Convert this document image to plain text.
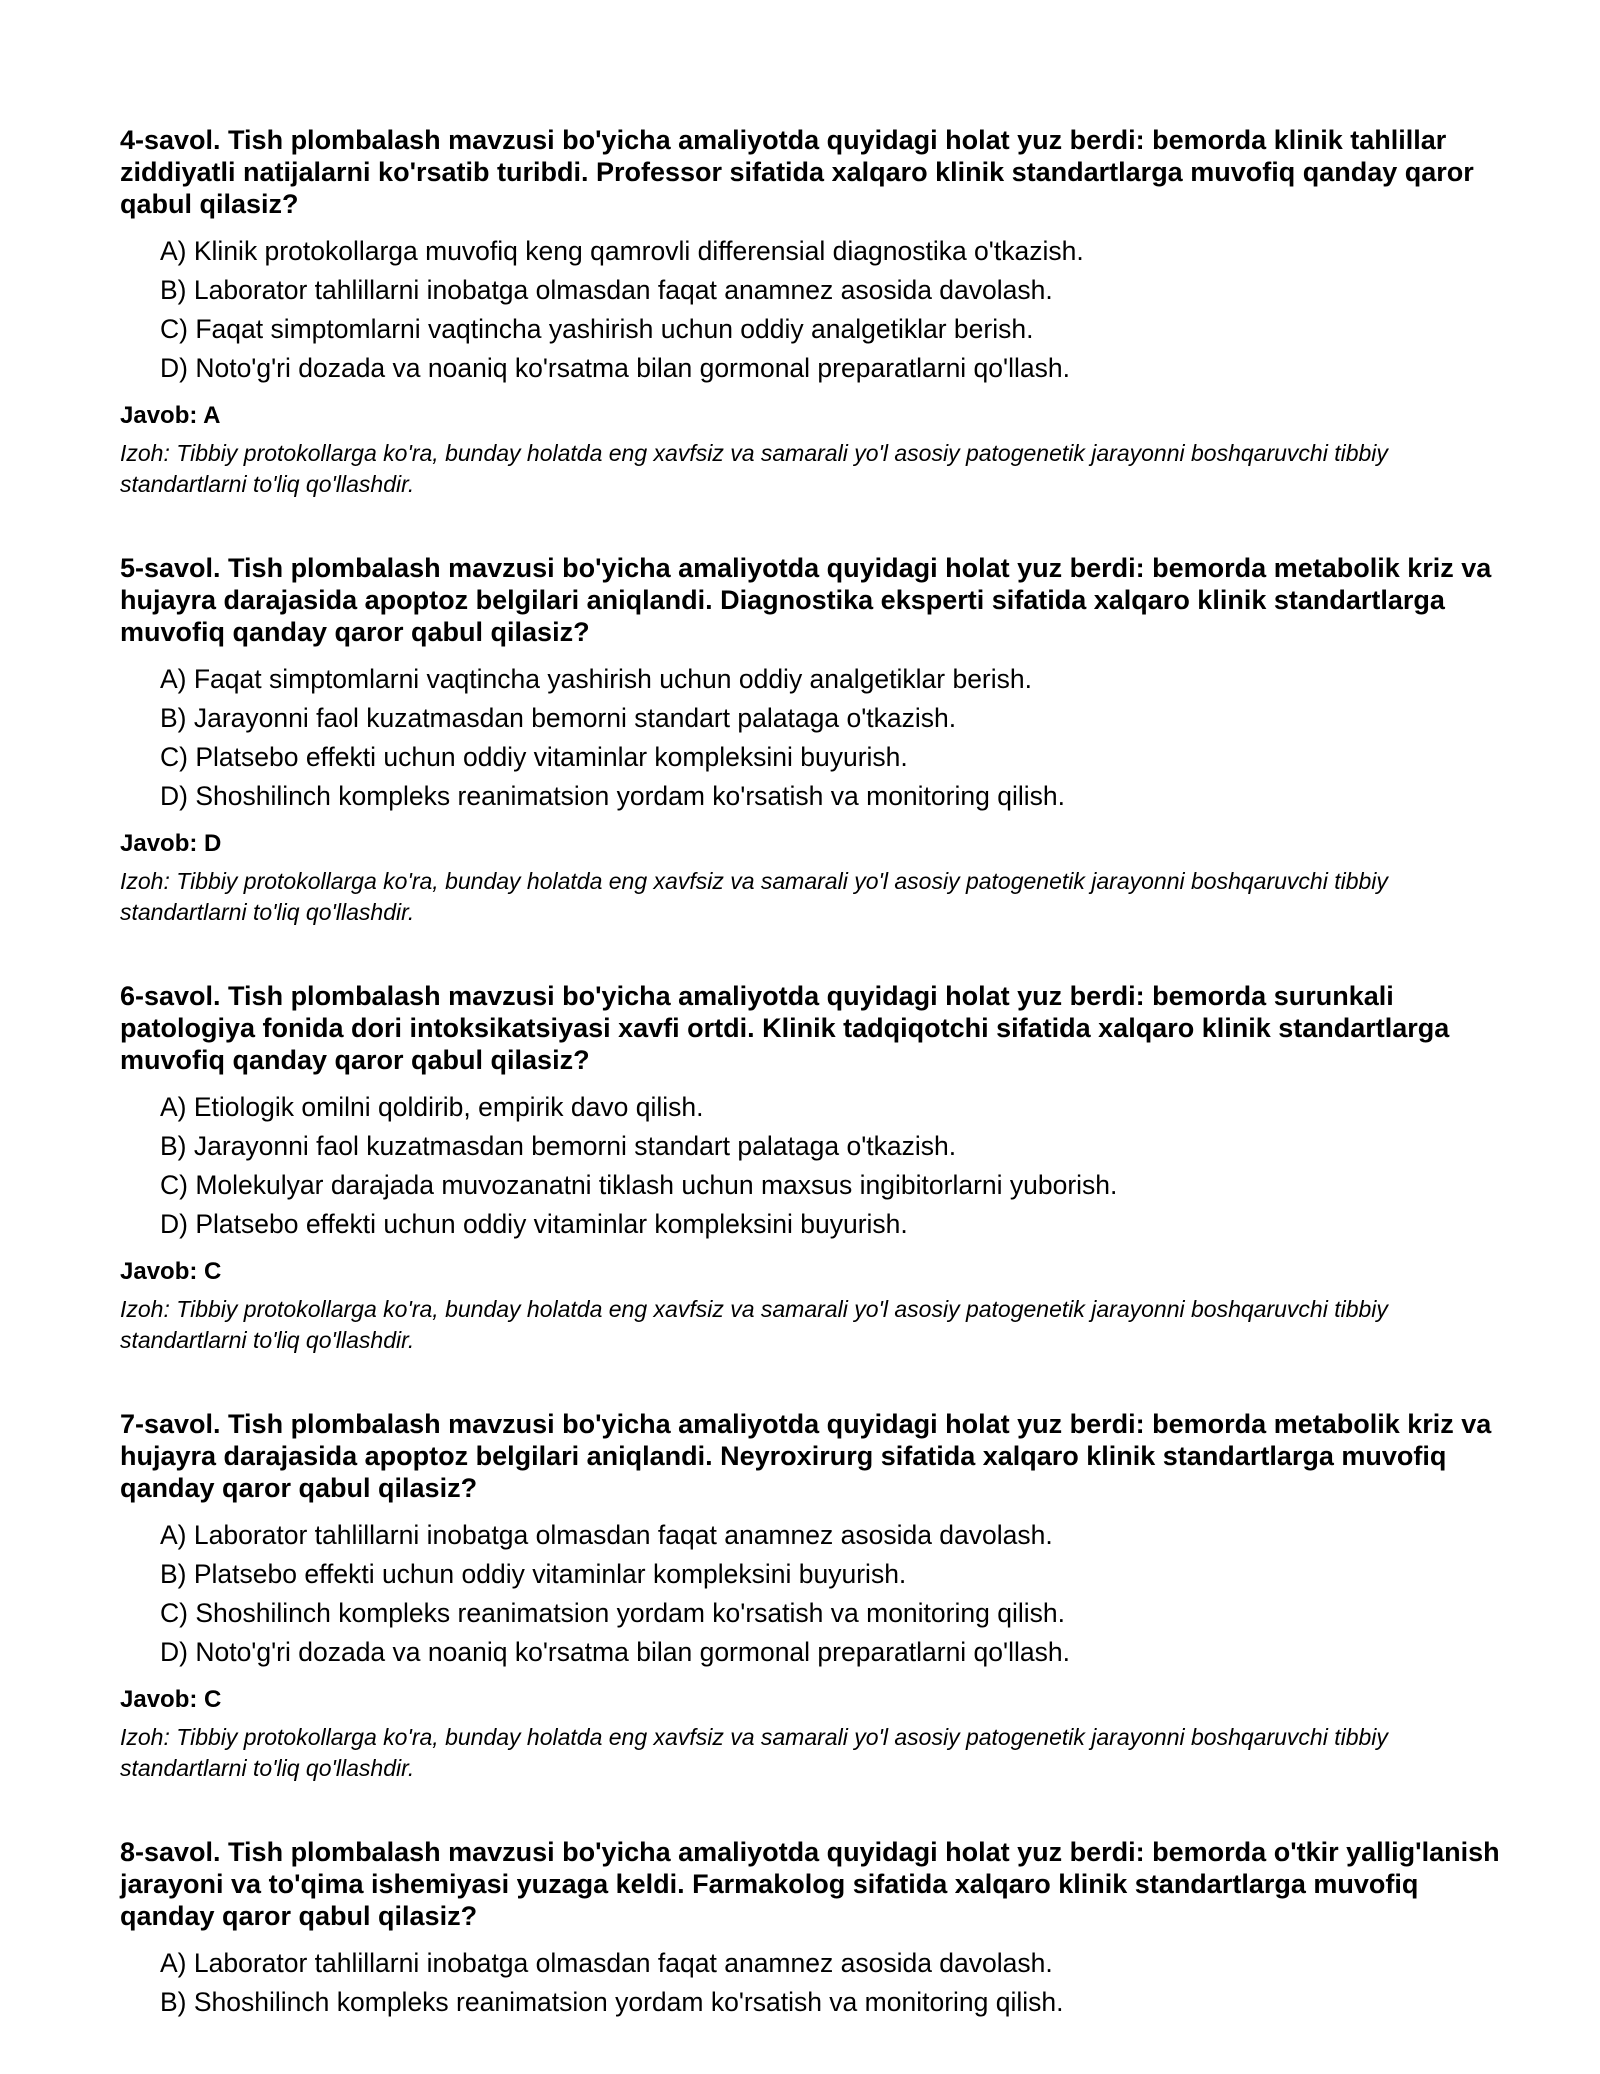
4-savol. Tish plombalash mavzusi bo'yicha amaliyotda quyidagi holat yuz berdi: bemorda klinik tahlillar ziddiyatli natijalarni ko'rsatib turibdi. Professor sifatida xalqaro klinik standartlarga muvofiq qanday qaror qabul qilasiz?

A) Klinik protokollarga muvofiq keng qamrovli differensial diagnostika o'tkazish.
B) Laborator tahlillarni inobatga olmasdan faqat anamnez asosida davolash.
C) Faqat simptomlarni vaqtincha yashirish uchun oddiy analgetiklar berish.
D) Noto'g'ri dozada va noaniq ko'rsatma bilan gormonal preparatlarni qo'llash.

Javob: A

Izoh: Tibbiy protokollarga ko'ra, bunday holatda eng xavfsiz va samarali yo'l asosiy patogenetik jarayonni boshqaruvchi tibbiy standartlarni to'liq qo'llashdir.

5-savol. Tish plombalash mavzusi bo'yicha amaliyotda quyidagi holat yuz berdi: bemorda metabolik kriz va hujayra darajasida apoptoz belgilari aniqlandi. Diagnostika eksperti sifatida xalqaro klinik standartlarga muvofiq qanday qaror qabul qilasiz?

A) Faqat simptomlarni vaqtincha yashirish uchun oddiy analgetiklar berish.
B) Jarayonni faol kuzatmasdan bemorni standart palataga o'tkazish.
C) Platsebo effekti uchun oddiy vitaminlar kompleksini buyurish.
D) Shoshilinch kompleks reanimatsion yordam ko'rsatish va monitoring qilish.

Javob: D

Izoh: Tibbiy protokollarga ko'ra, bunday holatda eng xavfsiz va samarali yo'l asosiy patogenetik jarayonni boshqaruvchi tibbiy standartlarni to'liq qo'llashdir.

6-savol. Tish plombalash mavzusi bo'yicha amaliyotda quyidagi holat yuz berdi: bemorda surunkali patologiya fonida dori intoksikatsiyasi xavfi ortdi. Klinik tadqiqotchi sifatida xalqaro klinik standartlarga muvofiq qanday qaror qabul qilasiz?

A) Etiologik omilni qoldirib, empirik davo qilish.
B) Jarayonni faol kuzatmasdan bemorni standart palataga o'tkazish.
C) Molekulyar darajada muvozanatni tiklash uchun maxsus ingibitorlarni yuborish.
D) Platsebo effekti uchun oddiy vitaminlar kompleksini buyurish.

Javob: C

Izoh: Tibbiy protokollarga ko'ra, bunday holatda eng xavfsiz va samarali yo'l asosiy patogenetik jarayonni boshqaruvchi tibbiy standartlarni to'liq qo'llashdir.

7-savol. Tish plombalash mavzusi bo'yicha amaliyotda quyidagi holat yuz berdi: bemorda metabolik kriz va hujayra darajasida apoptoz belgilari aniqlandi. Neyroxirurg sifatida xalqaro klinik standartlarga muvofiq qanday qaror qabul qilasiz?

A) Laborator tahlillarni inobatga olmasdan faqat anamnez asosida davolash.
B) Platsebo effekti uchun oddiy vitaminlar kompleksini buyurish.
C) Shoshilinch kompleks reanimatsion yordam ko'rsatish va monitoring qilish.
D) Noto'g'ri dozada va noaniq ko'rsatma bilan gormonal preparatlarni qo'llash.

Javob: C

Izoh: Tibbiy protokollarga ko'ra, bunday holatda eng xavfsiz va samarali yo'l asosiy patogenetik jarayonni boshqaruvchi tibbiy standartlarni to'liq qo'llashdir.

8-savol. Tish plombalash mavzusi bo'yicha amaliyotda quyidagi holat yuz berdi: bemorda o'tkir yallig'lanish jarayoni va to'qima ishemiyasi yuzaga keldi. Farmakolog sifatida xalqaro klinik standartlarga muvofiq qanday qaror qabul qilasiz?

A) Laborator tahlillarni inobatga olmasdan faqat anamnez asosida davolash.
B) Shoshilinch kompleks reanimatsion yordam ko'rsatish va monitoring qilish.
